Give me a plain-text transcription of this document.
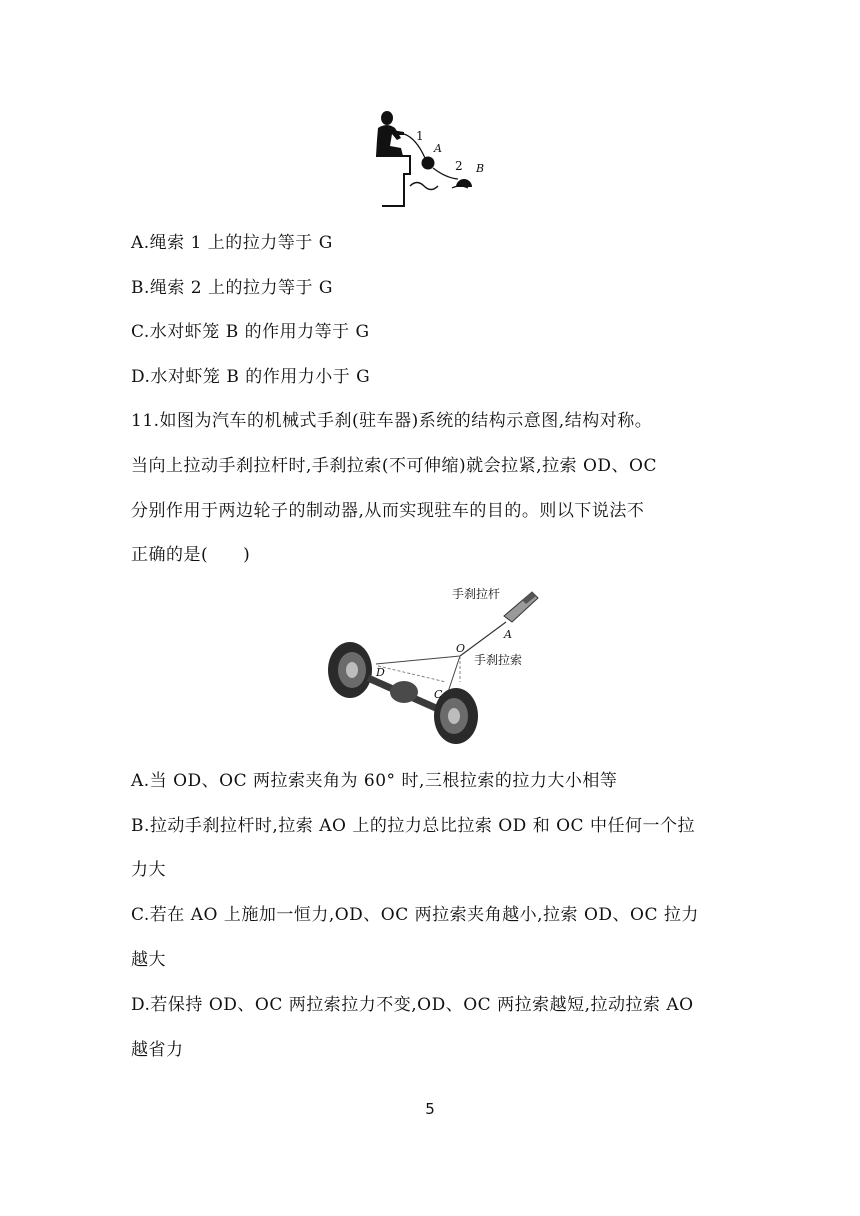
1
A
2 B
A.绳索 1 上的拉力等于 G
B.绳索 2 上的拉力等于 G
C.水对虾笼 B 的作用力等于 G
D.水对虾笼 B 的作用力小于 G
11.如图为汽车的机械式手刹(驻车器)系统的结构示意图,结构对称。
当向上拉动手刹拉杆时,手刹拉索(不可伸缩)就会拉紧,拉索 OD、OC
分别作用于两边轮子的制动器,从而实现驻车的目的。则以下说法不
正确的是(　　)
手刹拉杆
A
O
手刹拉索
D
C
A.当 OD、OC 两拉索夹角为 60° 时,三根拉索的拉力大小相等
B.拉动手刹拉杆时,拉索 AO 上的拉力总比拉索 OD 和 OC 中任何一个拉
力大
C.若在 AO 上施加一恒力,OD、OC 两拉索夹角越小,拉索 OD、OC 拉力
越大
D.若保持 OD、OC 两拉索拉力不变,OD、OC 两拉索越短,拉动拉索 AO
越省力
5
